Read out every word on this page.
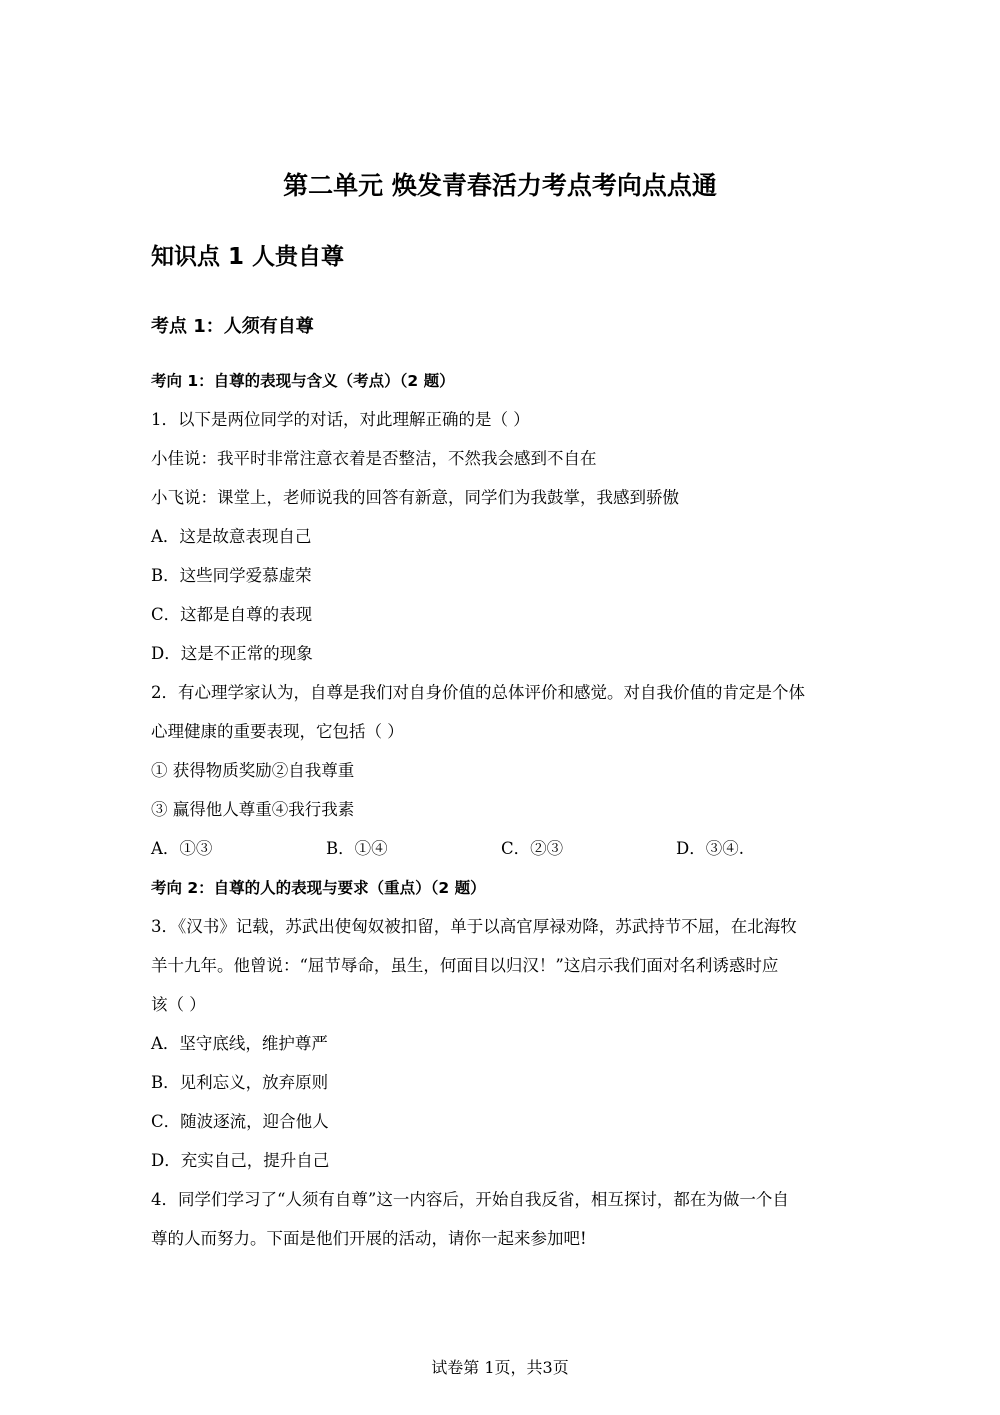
第二单元 焕发青春活力考点考向点点通
知识点 1 人贵自尊
考点 1：人须有自尊
考向 1：自尊的表现与含义（考点）（2 题）
1．以下是两位同学的对话，对此理解正确的是（ ）
小佳说：我平时非常注意衣着是否整洁，不然我会感到不自在
小飞说：课堂上，老师说我的回答有新意，同学们为我鼓掌，我感到骄傲
A．这是故意表现自己
B．这些同学爱慕虚荣
C．这都是自尊的表现
D．这是不正常的现象
2．有心理学家认为，自尊是我们对自身价值的总体评价和感觉。对自我价值的肯定是个体
心理健康的重要表现，它包括（ ）
① 获得物质奖励②自我尊重
③ 赢得他人尊重④我行我素
A．①③	B．①④	C．②③	D．③④.
考向 2：自尊的人的表现与要求（重点）（2 题）
3．《汉书》记载，苏武出使匈奴被扣留，单于以高官厚禄劝降，苏武持节不屈，在北海牧
羊十九年。他曾说：“屈节辱命，虽生，何面目以归汉！”这启示我们面对名利诱惑时应
该（ ）
A．坚守底线，维护尊严
B．见利忘义，放弃原则
C．随波逐流，迎合他人
D．充实自己，提升自己
4．同学们学习了“人须有自尊”这一内容后，开始自我反省，相互探讨，都在为做一个自
尊的人而努力。下面是他们开展的活动，请你一起来参加吧!
试卷第 1页，共3页
